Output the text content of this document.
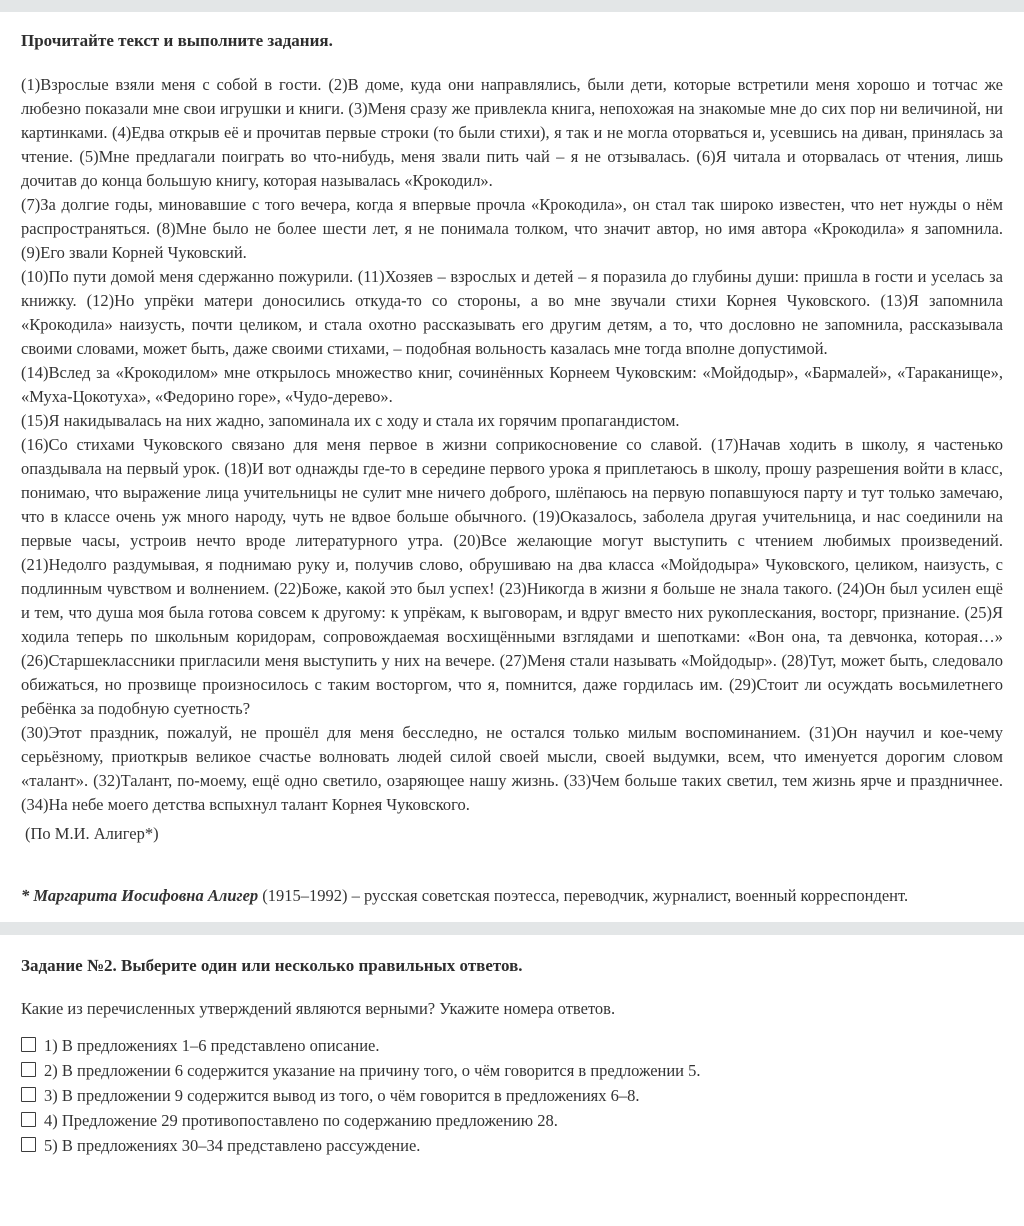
Прочитайте текст и выполните задания.

(1)Взрослые взяли меня с собой в гости. (2)В доме, куда они направлялись, были дети, которые встретили меня хорошо и тотчас же любезно показали мне свои игрушки и книги. (3)Меня сразу же привлекла книга, непохожая на знакомые мне до сих пор ни величиной, ни картинками. (4)Едва открыв её и прочитав первые строки (то были стихи), я так и не могла оторваться и, усевшись на диван, принялась за чтение. (5)Мне предлагали поиграть во что-нибудь, меня звали пить чай – я не отзывалась. (6)Я читала и оторвалась от чтения, лишь дочитав до конца большую книгу, которая называлась «Крокодил».

(7)За долгие годы, миновавшие с того вечера, когда я впервые прочла «Крокодила», он стал так широко известен, что нет нужды о нём распространяться. (8)Мне было не более шести лет, я не понимала толком, что значит автор, но имя автора «Крокодила» я запомнила. (9)Его звали Корней Чуковский.

(10)По пути домой меня сдержанно пожурили. (11)Хозяев – взрослых и детей – я поразила до глубины души: пришла в гости и уселась за книжку. (12)Но упрёки матери доносились откуда-то со стороны, а во мне звучали стихи Корнея Чуковского. (13)Я запомнила «Крокодила» наизусть, почти целиком, и стала охотно рассказывать его другим детям, а то, что дословно не запомнила, рассказывала своими словами, может быть, даже своими стихами, – подобная вольность казалась мне тогда вполне допустимой.

(14)Вслед за «Крокодилом» мне открылось множество книг, сочинённых Корнеем Чуковским: «Мойдодыр», «Бармалей», «Тараканище», «Муха-Цокотуха», «Федорино горе», «Чудо-дерево».

(15)Я накидывалась на них жадно, запоминала их с ходу и стала их горячим пропагандистом.

(16)Со стихами Чуковского связано для меня первое в жизни соприкосновение со славой. (17)Начав ходить в школу, я частенько опаздывала на первый урок. (18)И вот однажды где-то в середине первого урока я приплетаюсь в школу, прошу разрешения войти в класс, понимаю, что выражение лица учительницы не сулит мне ничего доброго, шлёпаюсь на первую попавшуюся парту и тут только замечаю, что в классе очень уж много народу, чуть не вдвое больше обычного. (19)Оказалось, заболела другая учительница, и нас соединили на первые часы, устроив нечто вроде литературного утра. (20)Все желающие могут выступить с чтением любимых произведений. (21)Недолго раздумывая, я поднимаю руку и, получив слово, обрушиваю на два класса «Мойдодыра» Чуковского, целиком, наизусть, с подлинным чувством и волнением. (22)Боже, какой это был успех! (23)Никогда в жизни я больше не знала такого. (24)Он был усилен ещё и тем, что душа моя была готова совсем к другому: к упрёкам, к выговорам, и вдруг вместо них рукоплескания, восторг, признание. (25)Я ходила теперь по школьным коридорам, сопровождаемая восхищёнными взглядами и шепотками: «Вон она, та девчонка, которая…» (26)Старшеклассники пригласили меня выступить у них на вечере. (27)Меня стали называть «Мойдодыр». (28)Тут, может быть, следовало обижаться, но прозвище произносилось с таким восторгом, что я, помнится, даже гордилась им. (29)Стоит ли осуждать восьмилетнего ребёнка за подобную суетность?

(30)Этот праздник, пожалуй, не прошёл для меня бесследно, не остался только милым воспоминанием. (31)Он научил и кое-чему серьёзному, приоткрыв великое счастье волновать людей силой своей мысли, своей выдумки, всем, что именуется дорогим словом «талант». (32)Талант, по-моему, ещё одно светило, озаряющее нашу жизнь. (33)Чем больше таких светил, тем жизнь ярче и праздничнее. (34)На небе моего детства вспыхнул талант Корнея Чуковского.

(По М.И. Алигер*)

* Маргарита Иосифовна Алигер (1915–1992) – русская советская поэтесса, переводчик, журналист, военный корреспондент.

Задание №2. Выберите один или несколько правильных ответов.

Какие из перечисленных утверждений являются верными? Укажите номера ответов.

1) В предложениях 1–6 представлено описание.
2) В предложении 6 содержится указание на причину того, о чём говорится в предложении 5.
3) В предложении 9 содержится вывод из того, о чём говорится в предложениях 6–8.
4) Предложение 29 противопоставлено по содержанию предложению 28.
5) В предложениях 30–34 представлено рассуждение.
